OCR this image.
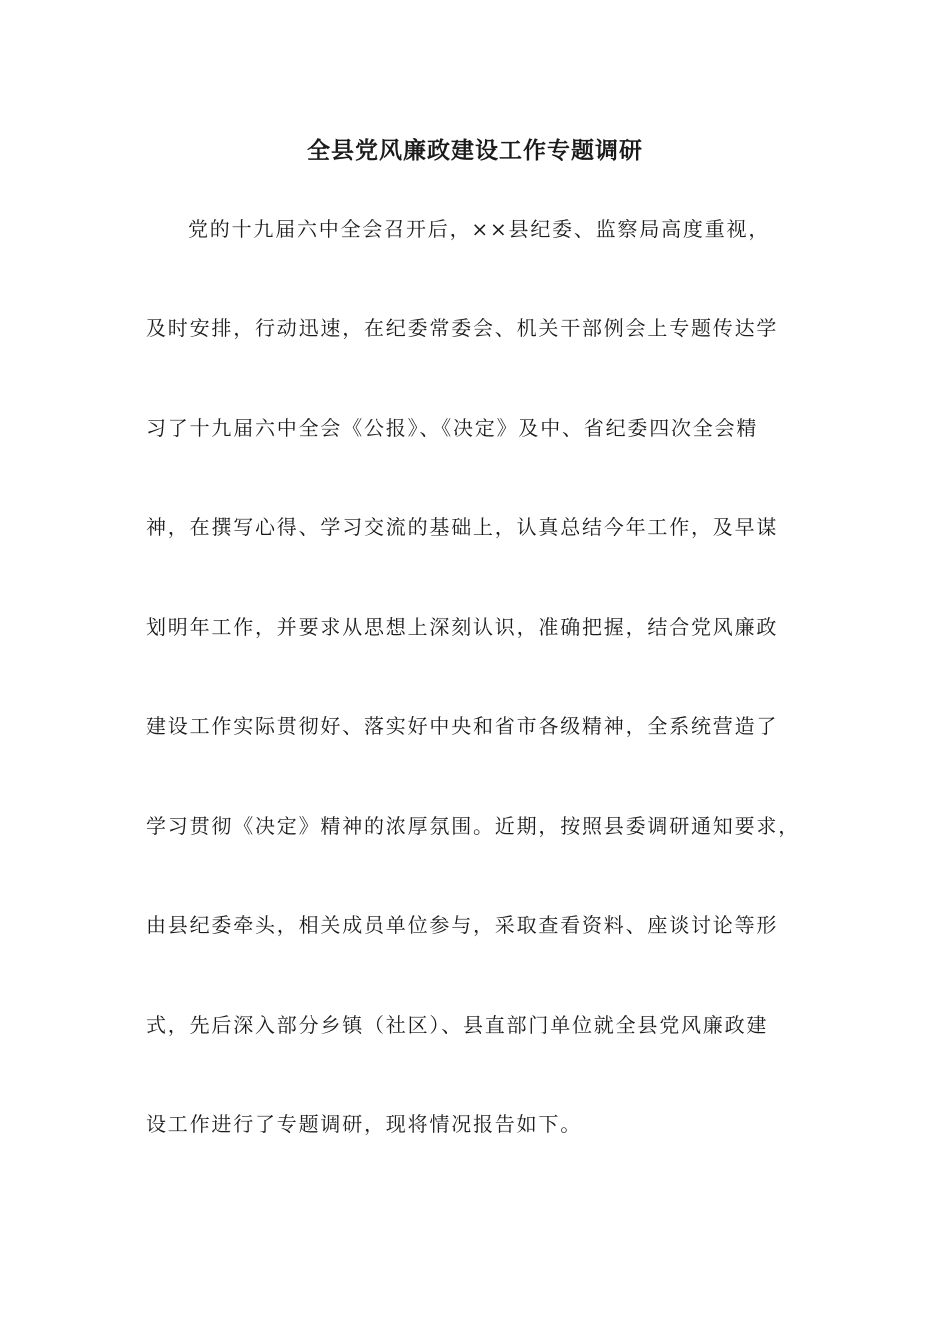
全县党风廉政建设工作专题调研

党的十九届六中全会召开后，××县纪委、监察局高度重视，

及时安排，行动迅速，在纪委常委会、机关干部例会上专题传达学

习了十九届六中全会《公报》、《决定》及中、省纪委四次全会精

神，在撰写心得、学习交流的基础上，认真总结今年工作，及早谋

划明年工作，并要求从思想上深刻认识，准确把握，结合党风廉政

建设工作实际贯彻好、落实好中央和省市各级精神，全系统营造了

学习贯彻《决定》精神的浓厚氛围。近期，按照县委调研通知要求，

由县纪委牵头，相关成员单位参与，采取查看资料、座谈讨论等形

式，先后深入部分乡镇（社区）、县直部门单位就全县党风廉政建

设工作进行了专题调研，现将情况报告如下。
